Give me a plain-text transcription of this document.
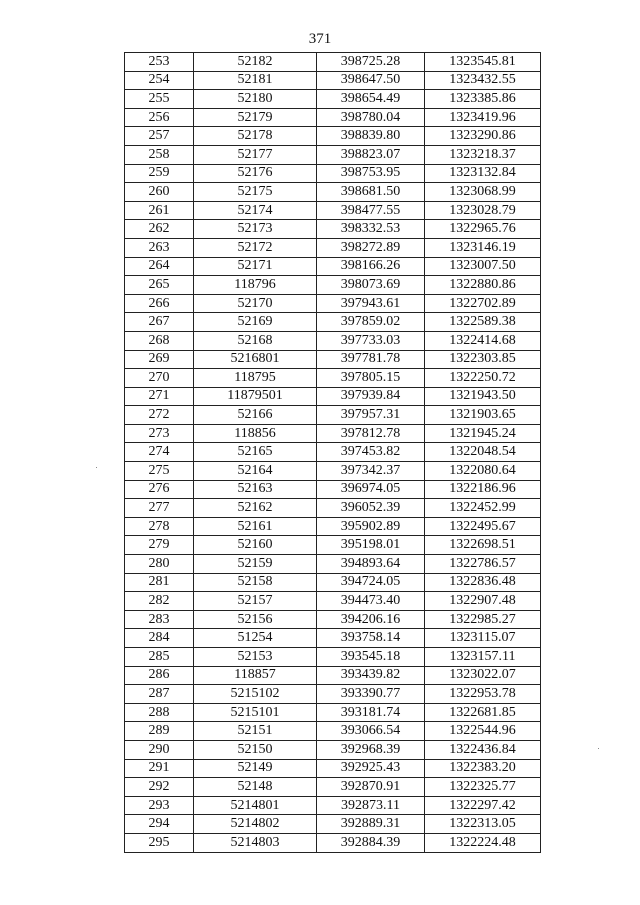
371
253	52182	398725.28	1323545.81
254	52181	398647.50	1323432.55
255	52180	398654.49	1323385.86
256	52179	398780.04	1323419.96
257	52178	398839.80	1323290.86
258	52177	398823.07	1323218.37
259	52176	398753.95	1323132.84
260	52175	398681.50	1323068.99
261	52174	398477.55	1323028.79
262	52173	398332.53	1322965.76
263	52172	398272.89	1323146.19
264	52171	398166.26	1323007.50
265	118796	398073.69	1322880.86
266	52170	397943.61	1322702.89
267	52169	397859.02	1322589.38
268	52168	397733.03	1322414.68
269	5216801	397781.78	1322303.85
270	118795	397805.15	1322250.72
271	11879501	397939.84	1321943.50
272	52166	397957.31	1321903.65
273	118856	397812.78	1321945.24
274	52165	397453.82	1322048.54
275	52164	397342.37	1322080.64
276	52163	396974.05	1322186.96
277	52162	396052.39	1322452.99
278	52161	395902.89	1322495.67
279	52160	395198.01	1322698.51
280	52159	394893.64	1322786.57
281	52158	394724.05	1322836.48
282	52157	394473.40	1322907.48
283	52156	394206.16	1322985.27
284	51254	393758.14	1323115.07
285	52153	393545.18	1323157.11
286	118857	393439.82	1323022.07
287	5215102	393390.77	1322953.78
288	5215101	393181.74	1322681.85
289	52151	393066.54	1322544.96
290	52150	392968.39	1322436.84
291	52149	392925.43	1322383.20
292	52148	392870.91	1322325.77
293	5214801	392873.11	1322297.42
294	5214802	392889.31	1322313.05
295	5214803	392884.39	1322224.48
